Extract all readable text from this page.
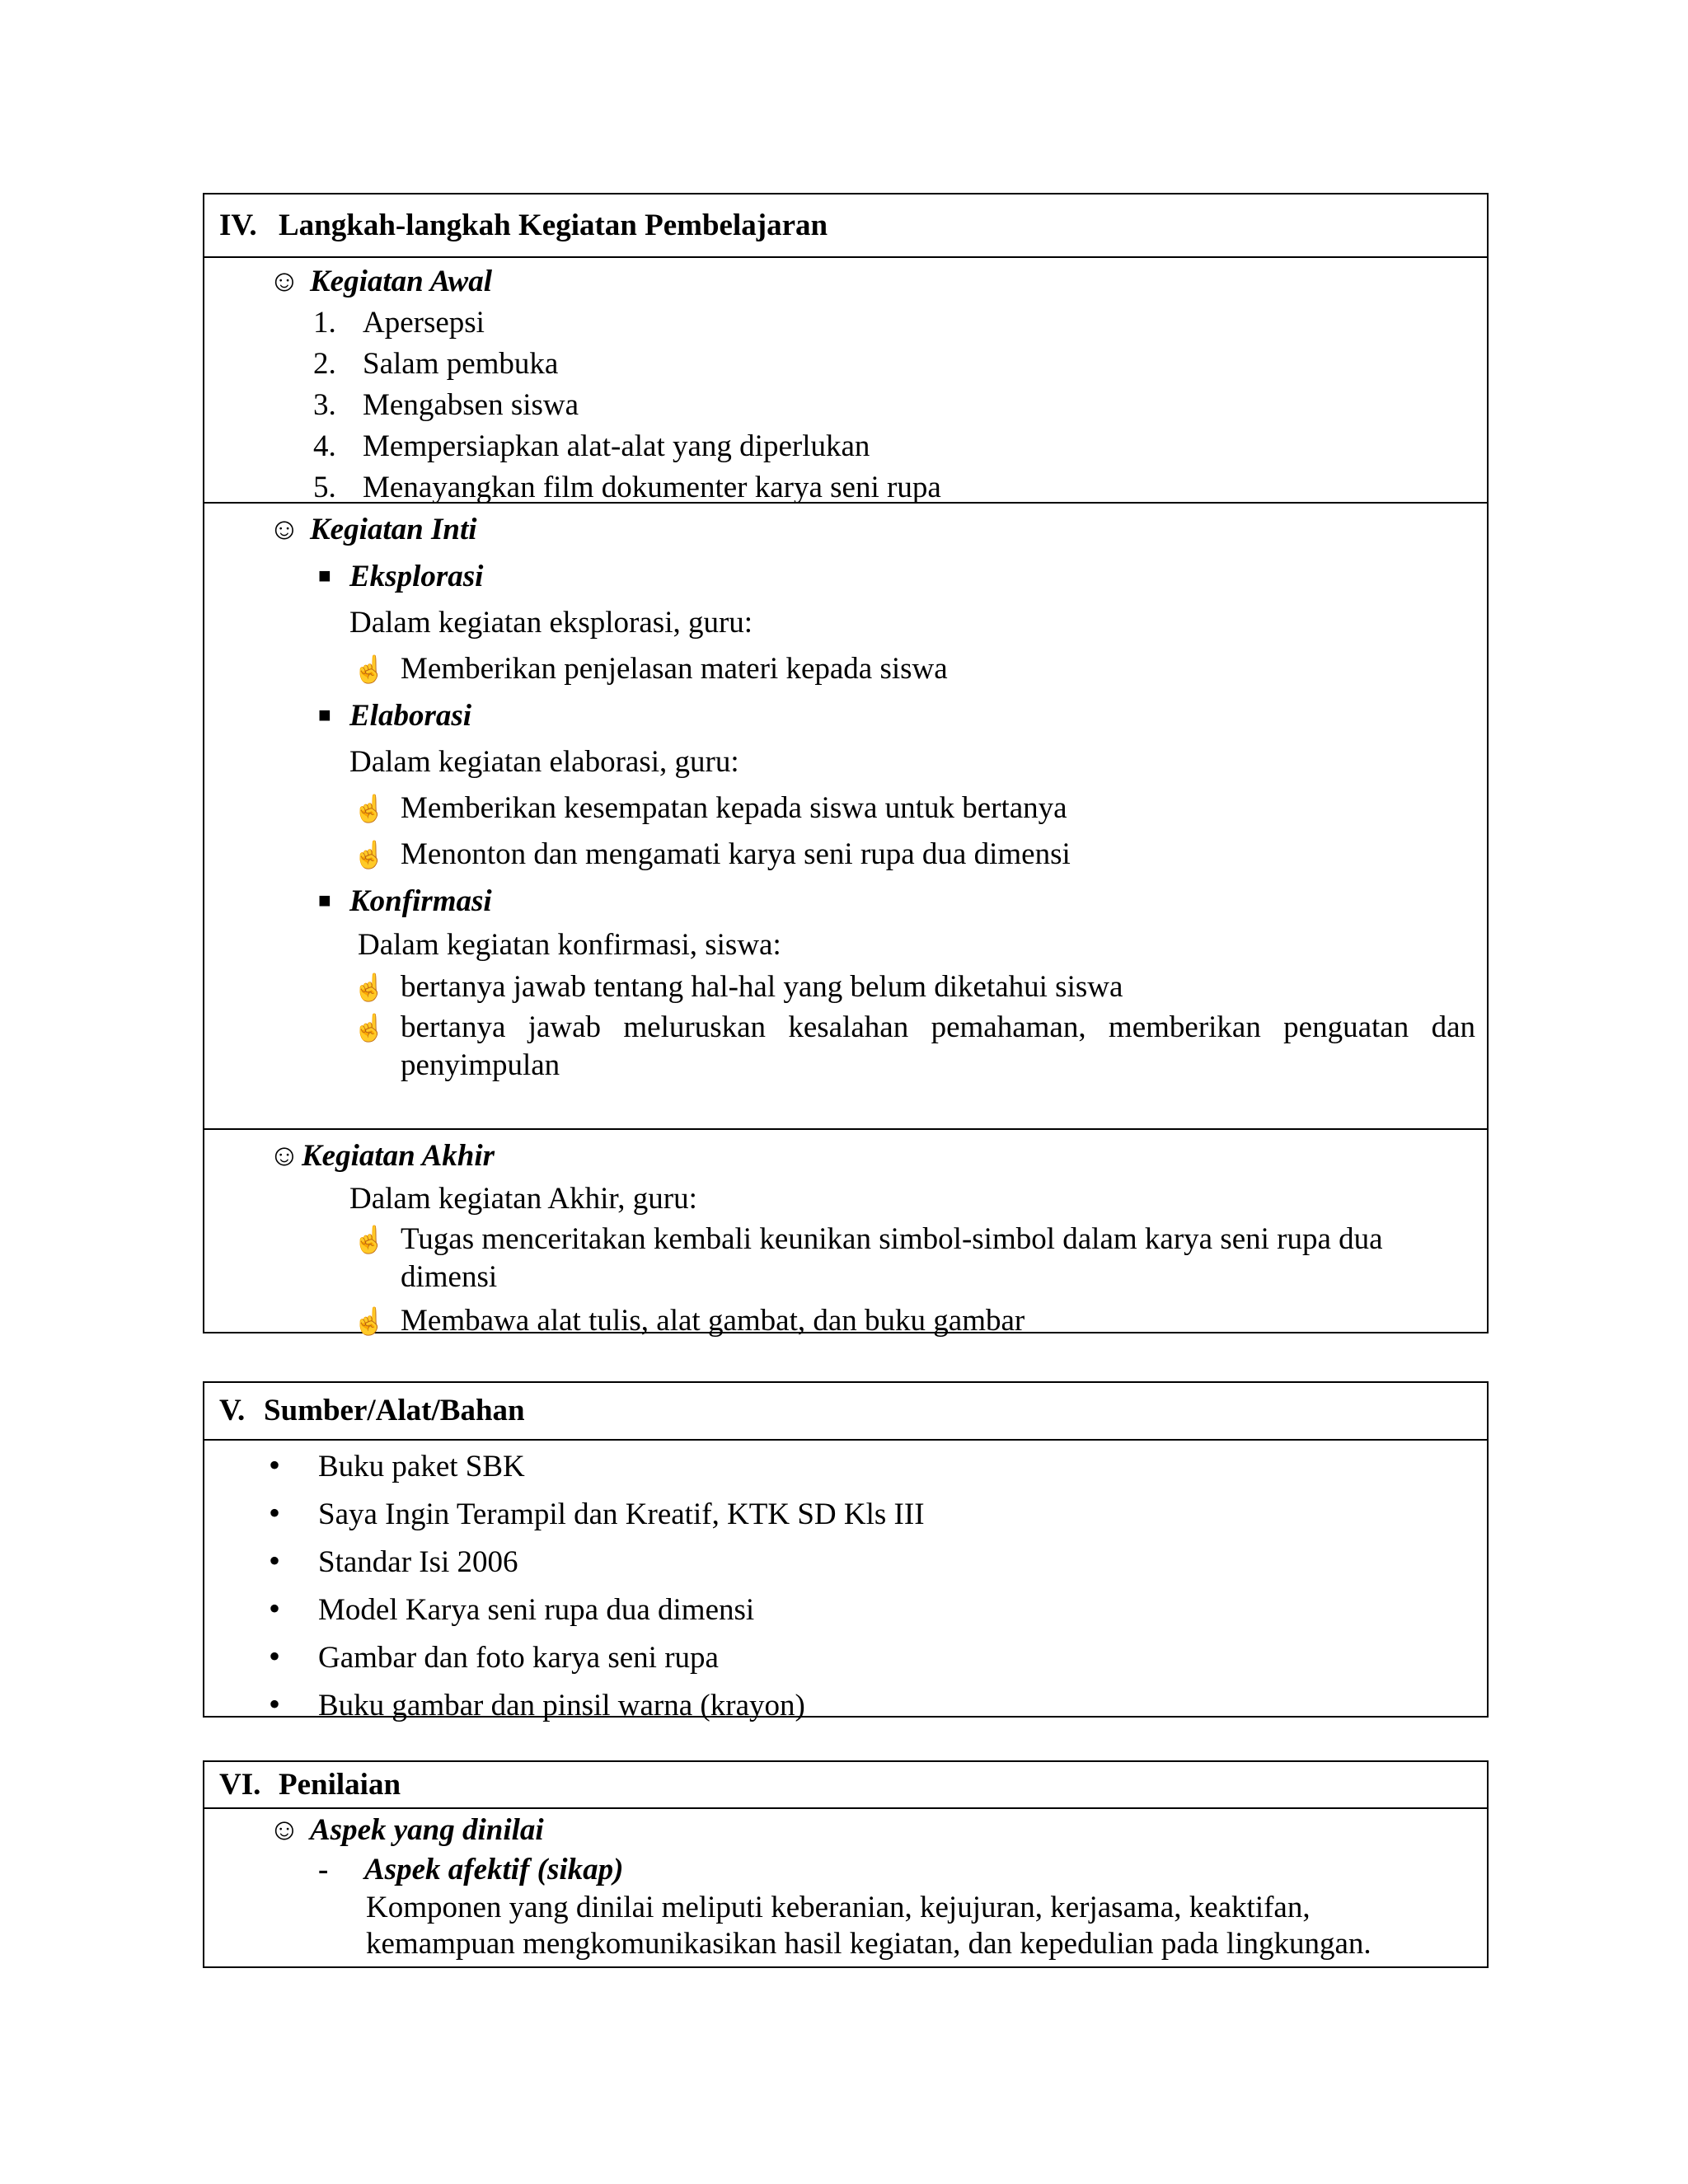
IV. Langkah-langkah Kegiatan Pembelajaran
☺ Kegiatan Awal
1. Apersepsi
2. Salam pembuka
3. Mengabsen siswa
4. Mempersiapkan alat-alat yang diperlukan
5. Menayangkan film dokumenter karya seni rupa
☺ Kegiatan Inti
■ Eksplorasi
Dalam kegiatan eksplorasi, guru:
☝ Memberikan penjelasan materi kepada siswa
■ Elaborasi
Dalam kegiatan elaborasi, guru:
☝ Memberikan kesempatan kepada siswa untuk bertanya
☝ Menonton dan mengamati karya seni rupa dua dimensi
■ Konfirmasi
Dalam kegiatan konfirmasi, siswa:
☝ bertanya jawab tentang hal-hal yang belum diketahui siswa
☝ bertanya jawab meluruskan kesalahan pemahaman, memberikan penguatan dan penyimpulan
☺Kegiatan Akhir
Dalam kegiatan Akhir, guru:
☝ Tugas menceritakan kembali keunikan simbol-simbol dalam karya seni rupa dua dimensi
☝ Membawa alat tulis, alat gambat, dan buku gambar
V. Sumber/Alat/Bahan
• Buku paket SBK
• Saya Ingin Terampil dan Kreatif, KTK SD Kls III
• Standar Isi 2006
• Model Karya seni rupa dua dimensi
• Gambar dan foto karya seni rupa
• Buku gambar dan pinsil warna (krayon)
VI. Penilaian
☺ Aspek yang dinilai
- Aspek afektif (sikap)
Komponen yang dinilai meliputi keberanian, kejujuran, kerjasama, keaktifan,
kemampuan mengkomunikasikan hasil kegiatan, dan kepedulian pada lingkungan.
